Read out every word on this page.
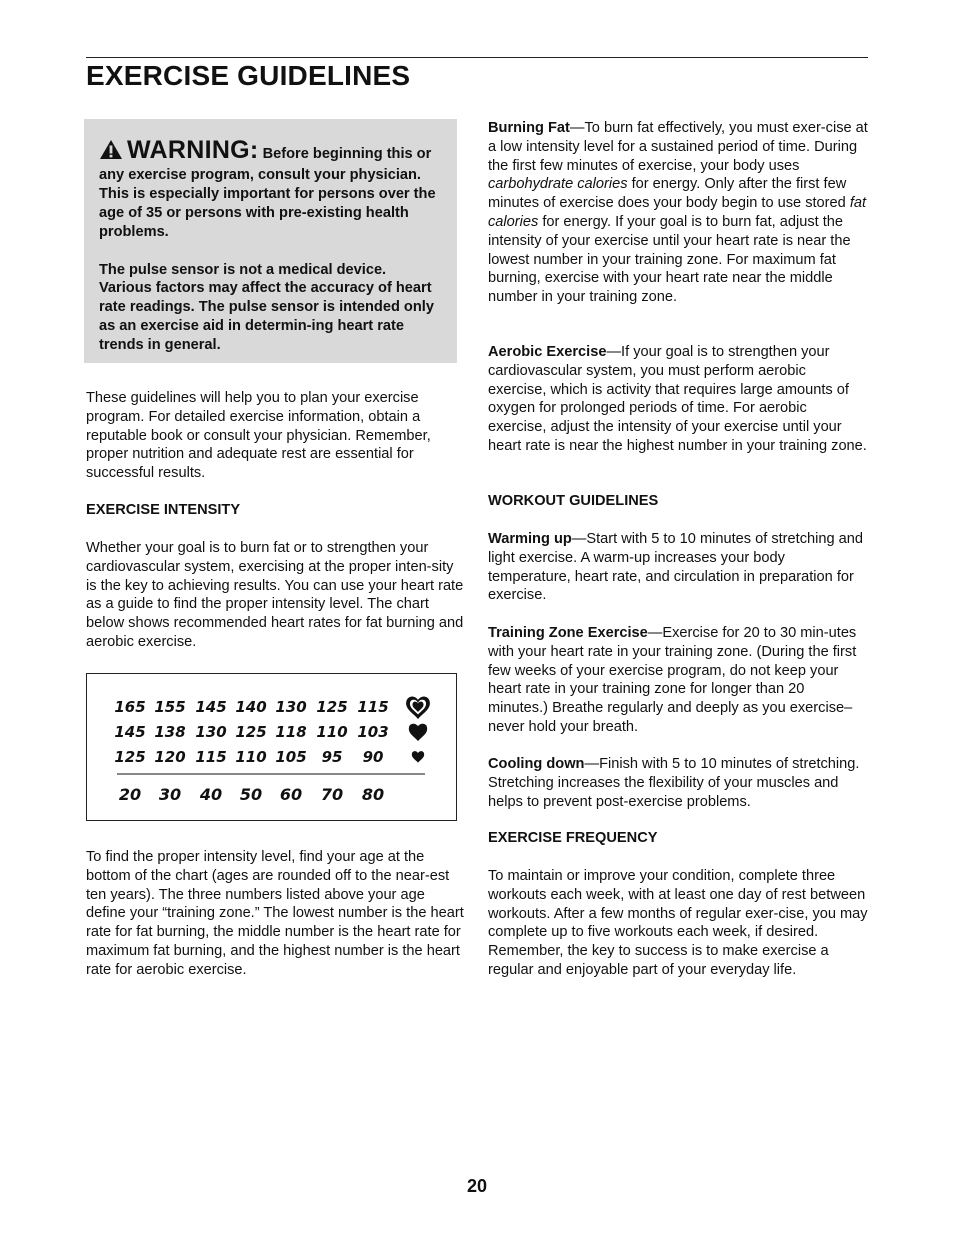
EXERCISE GUIDELINES

WARNING: Before beginning this or any exercise program, consult your physician. This is especially important for persons over the age of 35 or persons with pre-existing health problems.

The pulse sensor is not a medical device. Various factors may affect the accuracy of heart rate readings. The pulse sensor is intended only as an exercise aid in determin-ing heart rate trends in general.

These guidelines will help you to plan your exercise program. For detailed exercise information, obtain a reputable book or consult your physician. Remember, proper nutrition and adequate rest are essential for successful results.

EXERCISE INTENSITY

Whether your goal is to burn fat or to strengthen your cardiovascular system, exercising at the proper inten-sity is the key to achieving results. You can use your heart rate as a guide to find the proper intensity level. The chart below shows recommended heart rates for fat burning and aerobic exercise.

165 155 145 140 130 125 115
145 138 130 125 118 110 103
125 120 115 110 105 95 90
20 30 40 50 60 70 80

To find the proper intensity level, find your age at the bottom of the chart (ages are rounded off to the near-est ten years). The three numbers listed above your age define your “training zone.” The lowest number is the heart rate for fat burning, the middle number is the heart rate for maximum fat burning, and the highest number is the heart rate for aerobic exercise.

Burning Fat—To burn fat effectively, you must exer-cise at a low intensity level for a sustained period of time. During the first few minutes of exercise, your body uses carbohydrate calories for energy. Only after the first few minutes of exercise does your body begin to use stored fat calories for energy. If your goal is to burn fat, adjust the intensity of your exercise until your heart rate is near the lowest number in your training zone. For maximum fat burning, exercise with your heart rate near the middle number in your training zone.

Aerobic Exercise—If your goal is to strengthen your cardiovascular system, you must perform aerobic exercise, which is activity that requires large amounts of oxygen for prolonged periods of time. For aerobic exercise, adjust the intensity of your exercise until your heart rate is near the highest number in your training zone.

WORKOUT GUIDELINES

Warming up—Start with 5 to 10 minutes of stretching and light exercise. A warm-up increases your body temperature, heart rate, and circulation in preparation for exercise.

Training Zone Exercise—Exercise for 20 to 30 min-utes with your heart rate in your training zone. (During the first few weeks of your exercise program, do not keep your heart rate in your training zone for longer than 20 minutes.) Breathe regularly and deeply as you exercise–never hold your breath.

Cooling down—Finish with 5 to 10 minutes of stretching. Stretching increases the flexibility of your muscles and helps to prevent post-exercise problems.

EXERCISE FREQUENCY

To maintain or improve your condition, complete three workouts each week, with at least one day of rest between workouts. After a few months of regular exer-cise, you may complete up to five workouts each week, if desired. Remember, the key to success is to make exercise a regular and enjoyable part of your everyday life.

20
